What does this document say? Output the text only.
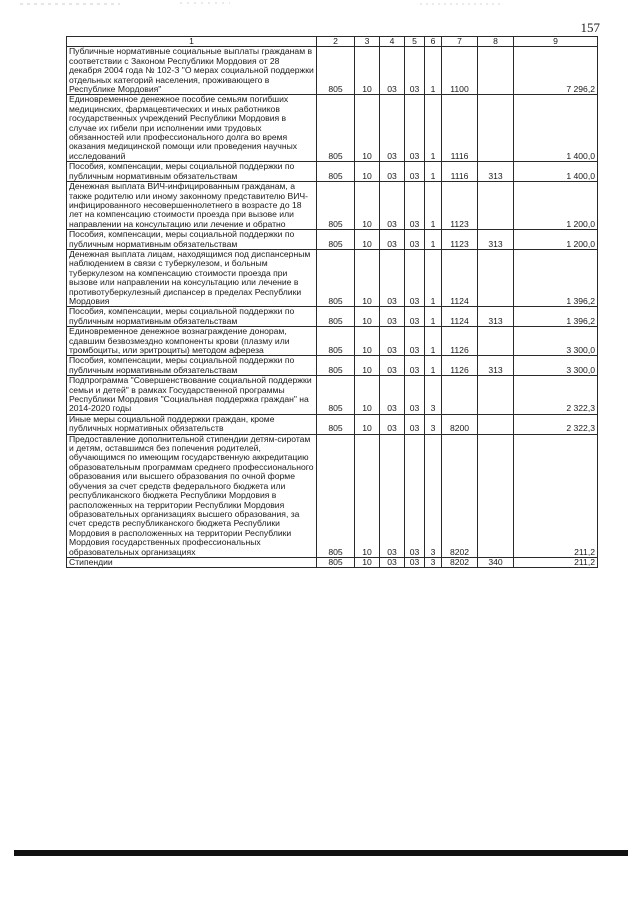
157
1	2	3	4	5	6	7	8	9
Публичные нормативные социальные выплаты гражданам в соответствии с Законом Республики Мордовия от 28 декабря 2004 года № 102-З "О мерах социальной поддержки отдельных категорий населения, проживающего в Республике Мордовия"	805	10	03	03	1	1100		7 296,2
Единовременное денежное пособие семьям погибших медицинских, фармацевтических и иных работников государственных учреждений Республики Мордовия в случае их гибели при исполнении ими трудовых обязанностей или профессионального долга во время оказания медицинской помощи или проведения научных исследований	805	10	03	03	1	1116		1 400,0
Пособия, компенсации, меры социальной поддержки по публичным нормативным обязательствам	805	10	03	03	1	1116	313	1 400,0
Денежная выплата ВИЧ-инфицированным гражданам, а также родителю или иному законному представителю ВИЧ-инфицированного несовершеннолетнего в возрасте до 18 лет на компенсацию стоимости проезда при вызове или направлении на консультацию или лечение и обратно	805	10	03	03	1	1123		1 200,0
Пособия, компенсации, меры социальной поддержки по публичным нормативным обязательствам	805	10	03	03	1	1123	313	1 200,0
Денежная выплата лицам, находящимся под диспансерным наблюдением в связи с туберкулезом, и больным туберкулезом на компенсацию стоимости проезда при вызове или направлении на консультацию или лечение в противотуберкулезный диспансер в пределах Республики Мордовия	805	10	03	03	1	1124		1 396,2
Пособия, компенсации, меры социальной поддержки по публичным нормативным обязательствам	805	10	03	03	1	1124	313	1 396,2
Единовременное денежное вознаграждение донорам, сдавшим безвозмездно компоненты крови (плазму или тромбоциты, или эритроциты) методом афереза	805	10	03	03	1	1126		3 300,0
Пособия, компенсации, меры социальной поддержки по публичным нормативным обязательствам	805	10	03	03	1	1126	313	3 300,0
Подпрограмма "Совершенствование социальной поддержки семьи и детей" в рамках Государственной программы Республики Мордовия "Социальная поддержка граждан" на 2014-2020 годы	805	10	03	03	3			2 322,3
Иные меры социальной поддержки граждан, кроме публичных нормативных обязательств	805	10	03	03	3	8200		2 322,3
Предоставление дополнительной стипендии детям-сиротам и детям, оставшимся без попечения родителей, обучающимся по имеющим государственную аккредитацию образовательным программам среднего профессионального образования или высшего образования по очной форме обучения за счет средств федерального бюджета или республиканского бюджета Республики Мордовия в расположенных на территории Республики Мордовия образовательных организациях высшего образования, за счет средств республиканского бюджета Республики Мордовия в расположенных на территории Республики Мордовия государственных профессиональных образовательных организациях	805	10	03	03	3	8202		211,2
Стипендии	805	10	03	03	3	8202	340	211,2
